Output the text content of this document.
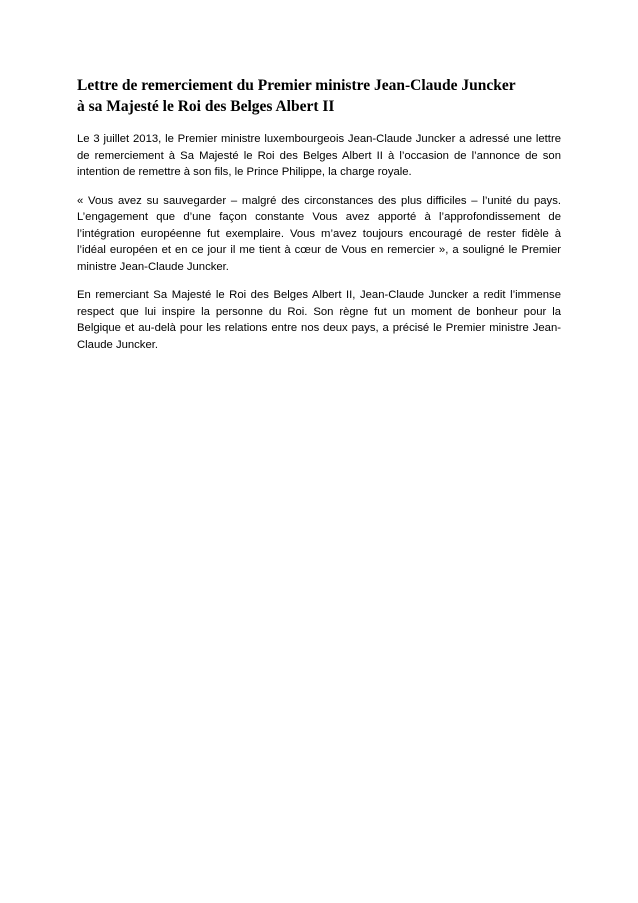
Lettre de remerciement du Premier ministre Jean-Claude Juncker
à sa Majesté le Roi des Belges Albert II

Le 3 juillet 2013, le Premier ministre luxembourgeois Jean-Claude Juncker a adressé une lettre de remerciement à Sa Majesté le Roi des Belges Albert II à l’occasion de l’annonce de son intention de remettre à son fils, le Prince Philippe, la charge royale.

« Vous avez su sauvegarder – malgré des circonstances des plus difficiles – l’unité du pays. L’engagement que d’une façon constante Vous avez apporté à l’approfondissement de l’intégration européenne fut exemplaire. Vous m’avez toujours encouragé de rester fidèle à l’idéal européen et en ce jour il me tient à cœur de Vous en remercier », a souligné le Premier ministre Jean-Claude Juncker.

En remerciant Sa Majesté le Roi des Belges Albert II, Jean-Claude Juncker a redit l’immense respect que lui inspire la personne du Roi. Son règne fut un moment de bonheur pour la Belgique et au-delà pour les relations entre nos deux pays, a précisé le Premier ministre Jean-Claude Juncker.
